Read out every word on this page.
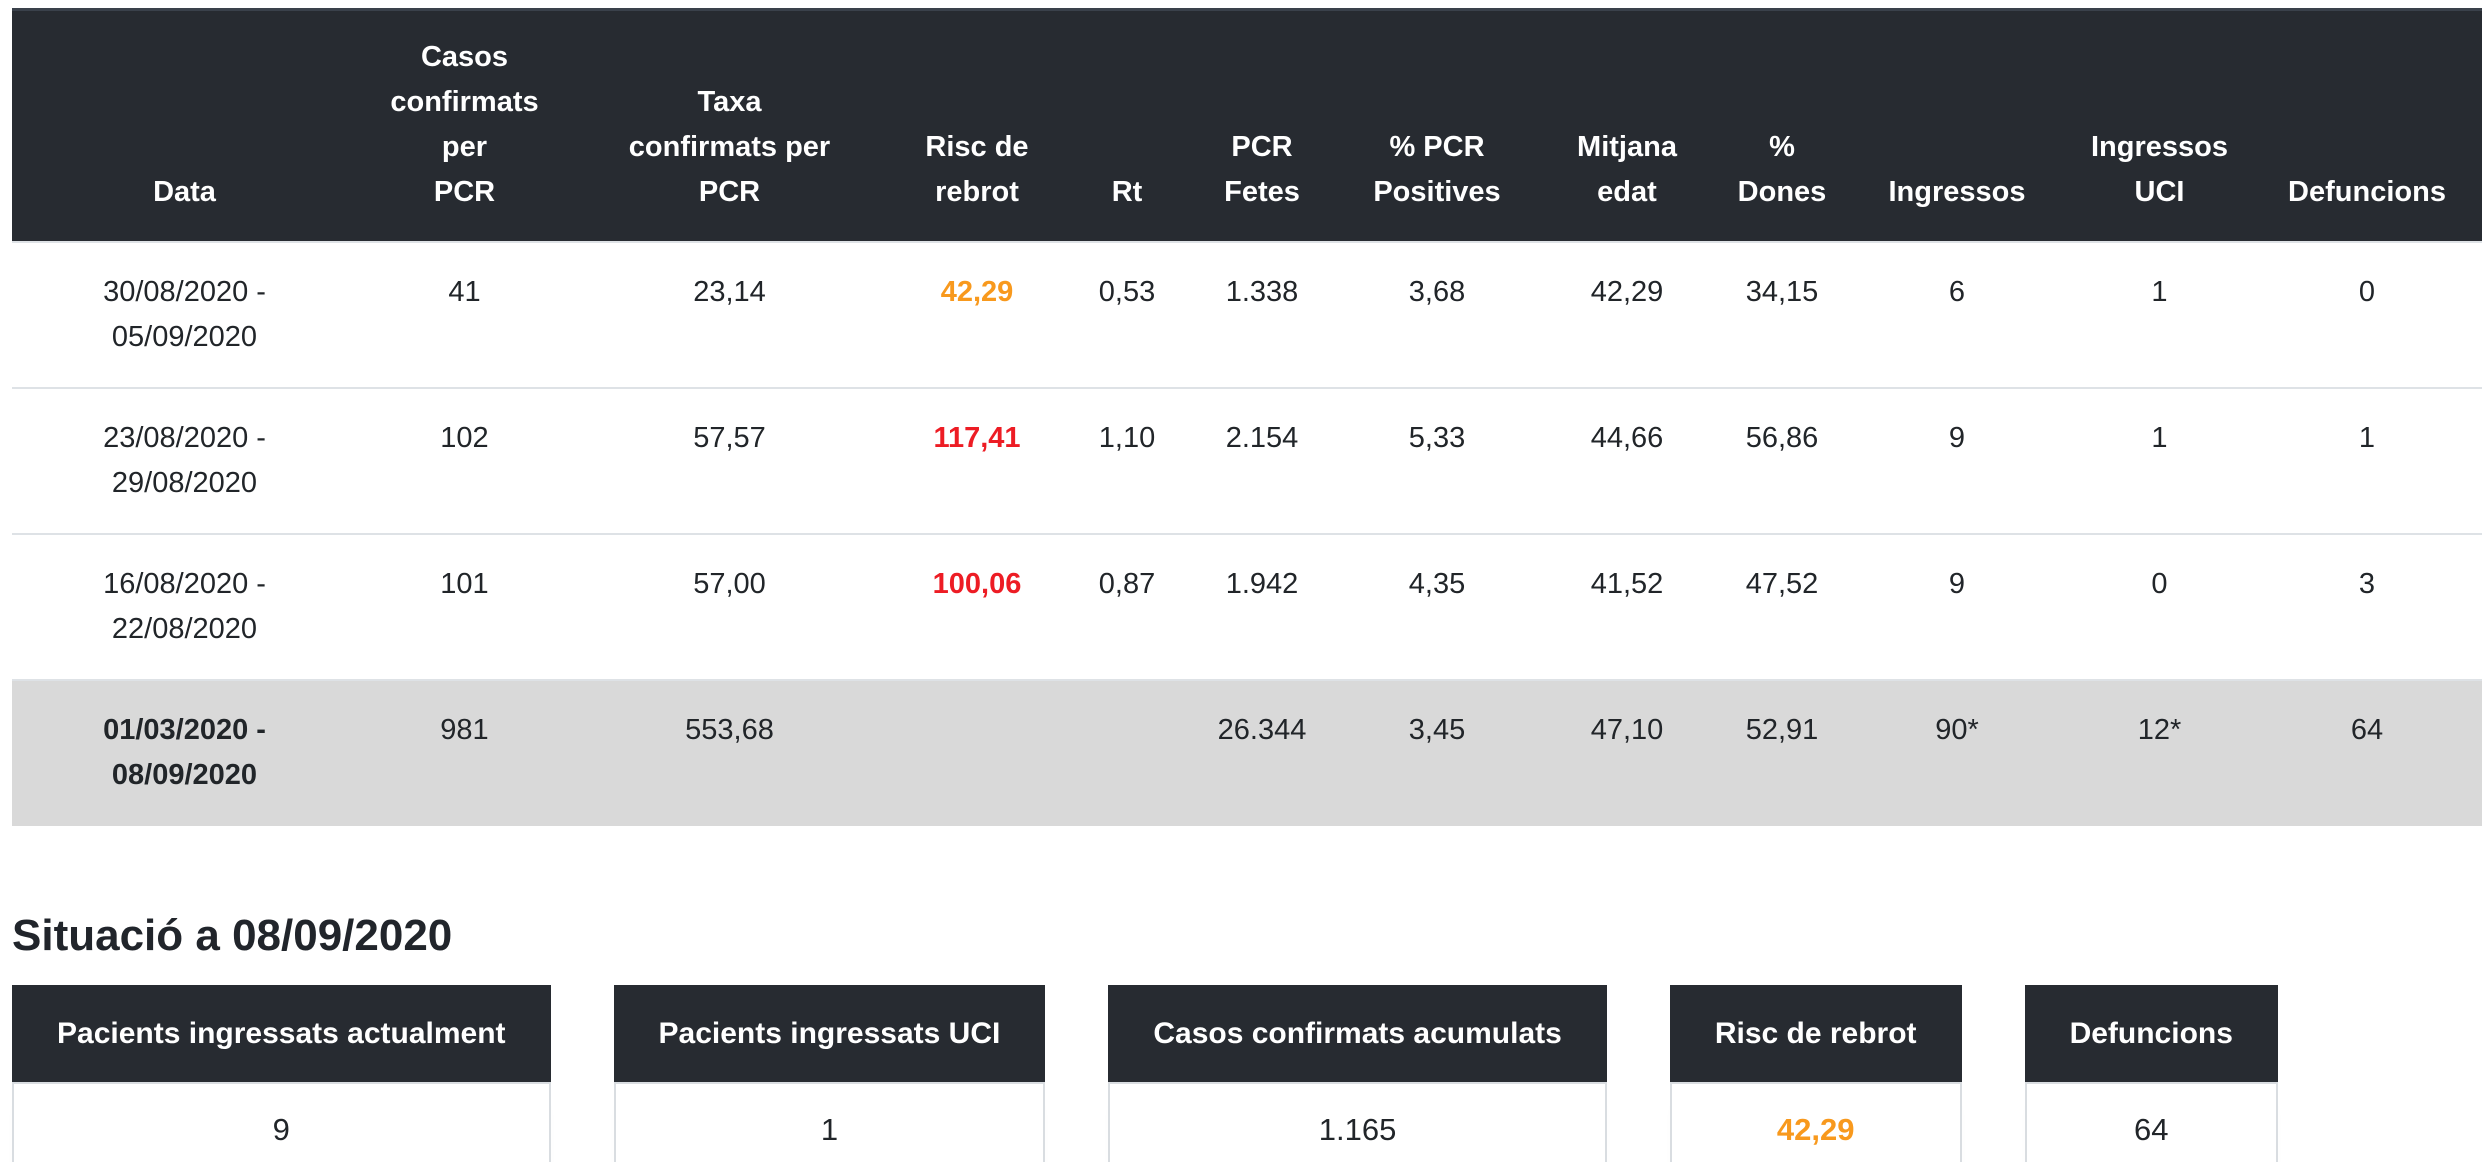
Data	Casos
confirmats per
PCR	Taxa
confirmats per
PCR	Risc de
rebrot	Rt	PCR
Fetes	% PCR
Positives	Mitjana
edat	%
Dones	Ingressos	Ingressos
UCI	Defuncions

30/08/2020 -
05/09/2020	41	23,14	42,29	0,53	1.338	3,68	42,29	34,15	6	1	0

23/08/2020 -
29/08/2020	102	57,57	117,41	1,10	2.154	5,33	44,66	56,86	9	1	1

16/08/2020 -
22/08/2020	101	57,00	100,06	0,87	1.942	4,35	41,52	47,52	9	0	3

01/03/2020 -
08/09/2020	981	553,68			26.344	3,45	47,10	52,91	90*	12*	64
Situació a 08/09/2020
Pacients ingressats actualment
9
Pacients ingressats UCI
1
Casos confirmats acumulats
1.165
Risc de rebrot
42,29
Defuncions
64
